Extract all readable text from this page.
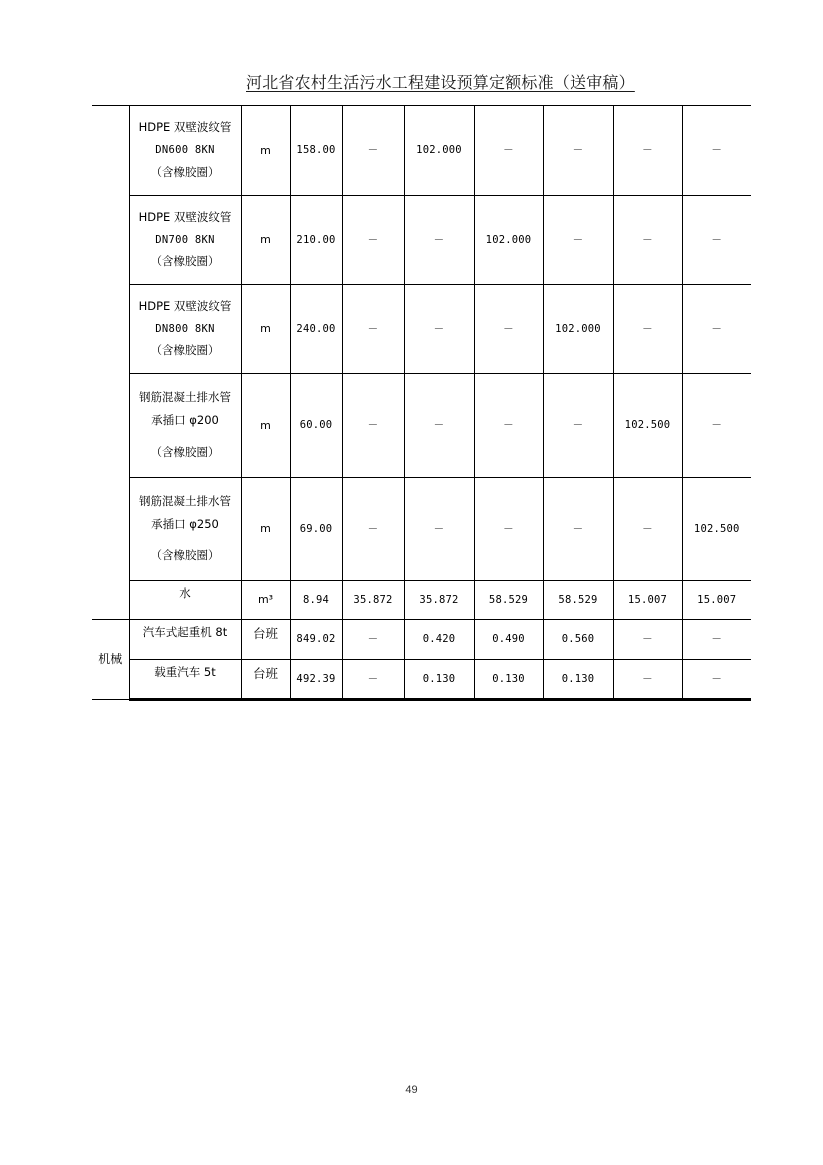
河北省农村生活污水工程建设预算定额标准（送审稿）

	HDPE 双壁波纹管
DN600 8KN
（含橡胶圈）	m	158.00	－	102.000	－	－	－	－

	HDPE 双壁波纹管
DN700 8KN
（含橡胶圈）	m	210.00	－	－	102.000	－	－	－

	HDPE 双壁波纹管
DN800 8KN
（含橡胶圈）	m	240.00	－	－	－	102.000	－	－

	钢筋混凝土排水管
承插口 φ200
（含橡胶圈）	m	60.00	－	－	－	－	102.500	－

	钢筋混凝土排水管
承插口 φ250
（含橡胶圈）	m	69.00	－	－	－	－	－	102.500

	水	m³	8.94	35.872	35.872	58.529	58.529	15.007	15.007
机械	汽车式起重机 8t	台班	849.02	－	0.420	0.490	0.560	－	－

	载重汽车 5t	台班	492.39	－	0.130	0.130	0.130	－	－
49
